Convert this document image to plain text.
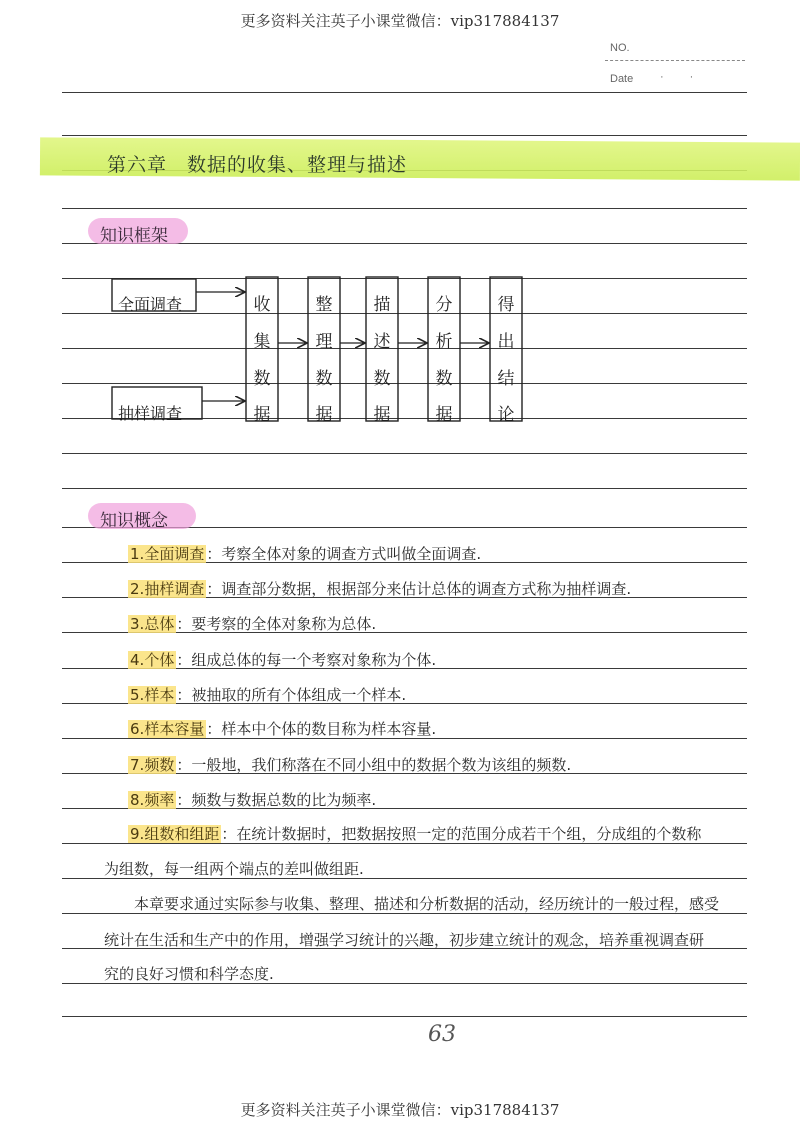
更多资料关注英子小课堂微信：vip317884137
NO.
Date ··
第六章　数据的收集、整理与描述
知识框架
全面调查
抽样调查
收
集
数
据
整
理
数
据
描
述
数
据
分
析
数
据
得
出
结
论
知识概念
1.全面调查 ：考察全体对象的调查方式叫做全面调查.
2.抽样调查 ：调查部分数据，根据部分来估计总体的调查方式称为抽样调查.
3.总体 ：要考察的全体对象称为总体.
4.个体 ：组成总体的每一个考察对象称为个体.
5.样本 ：被抽取的所有个体组成一个样本.
6.样本容量 ：样本中个体的数目称为样本容量.
7.频数 ：一般地，我们称落在不同小组中的数据个数为该组的频数.
8.频率 ：频数与数据总数的比为频率.
9.组数和组距 ：在统计数据时，把数据按照一定的范围分成若干个组，分成组的个数称
为组数，每一组两个端点的差叫做组距.
本章要求通过实际参与收集、整理、描述和分析数据的活动，经历统计的一般过程，感受
统计在生活和生产中的作用，增强学习统计的兴趣，初步建立统计的观念，培养重视调查研
究的良好习惯和科学态度.
63
更多资料关注英子小课堂微信：vip317884137
